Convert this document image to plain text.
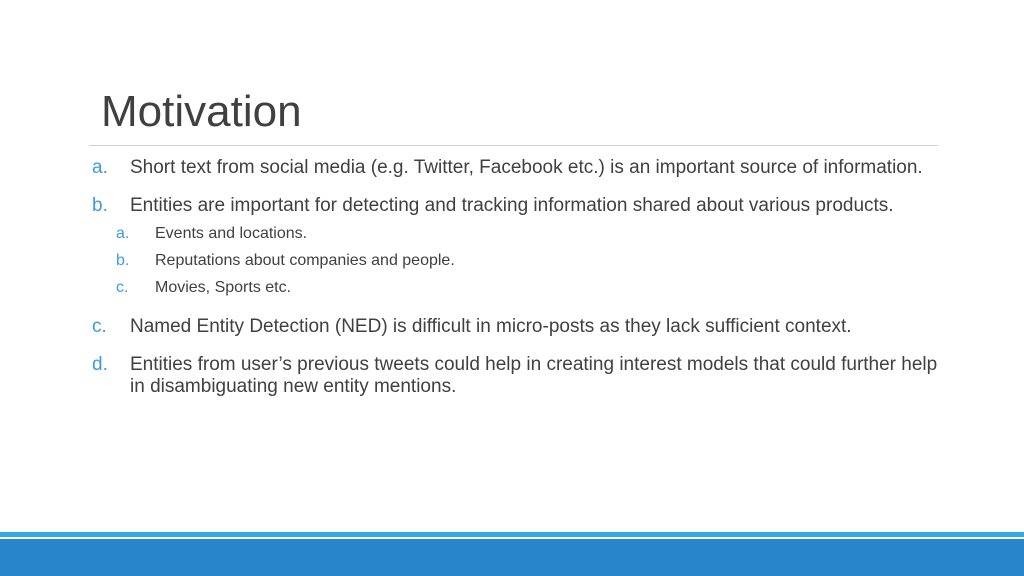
Motivation
a. Short text from social media (e.g. Twitter, Facebook etc.) is an important source of information.
b. Entities are important for detecting and tracking information shared about various products.
a. Events and locations.
b. Reputations about companies and people.
c. Movies, Sports etc.
c. Named Entity Detection (NED) is difficult in micro-posts as they lack sufficient context.
d. Entities from user’s previous tweets could help in creating interest models that could further help in disambiguating new entity mentions.
